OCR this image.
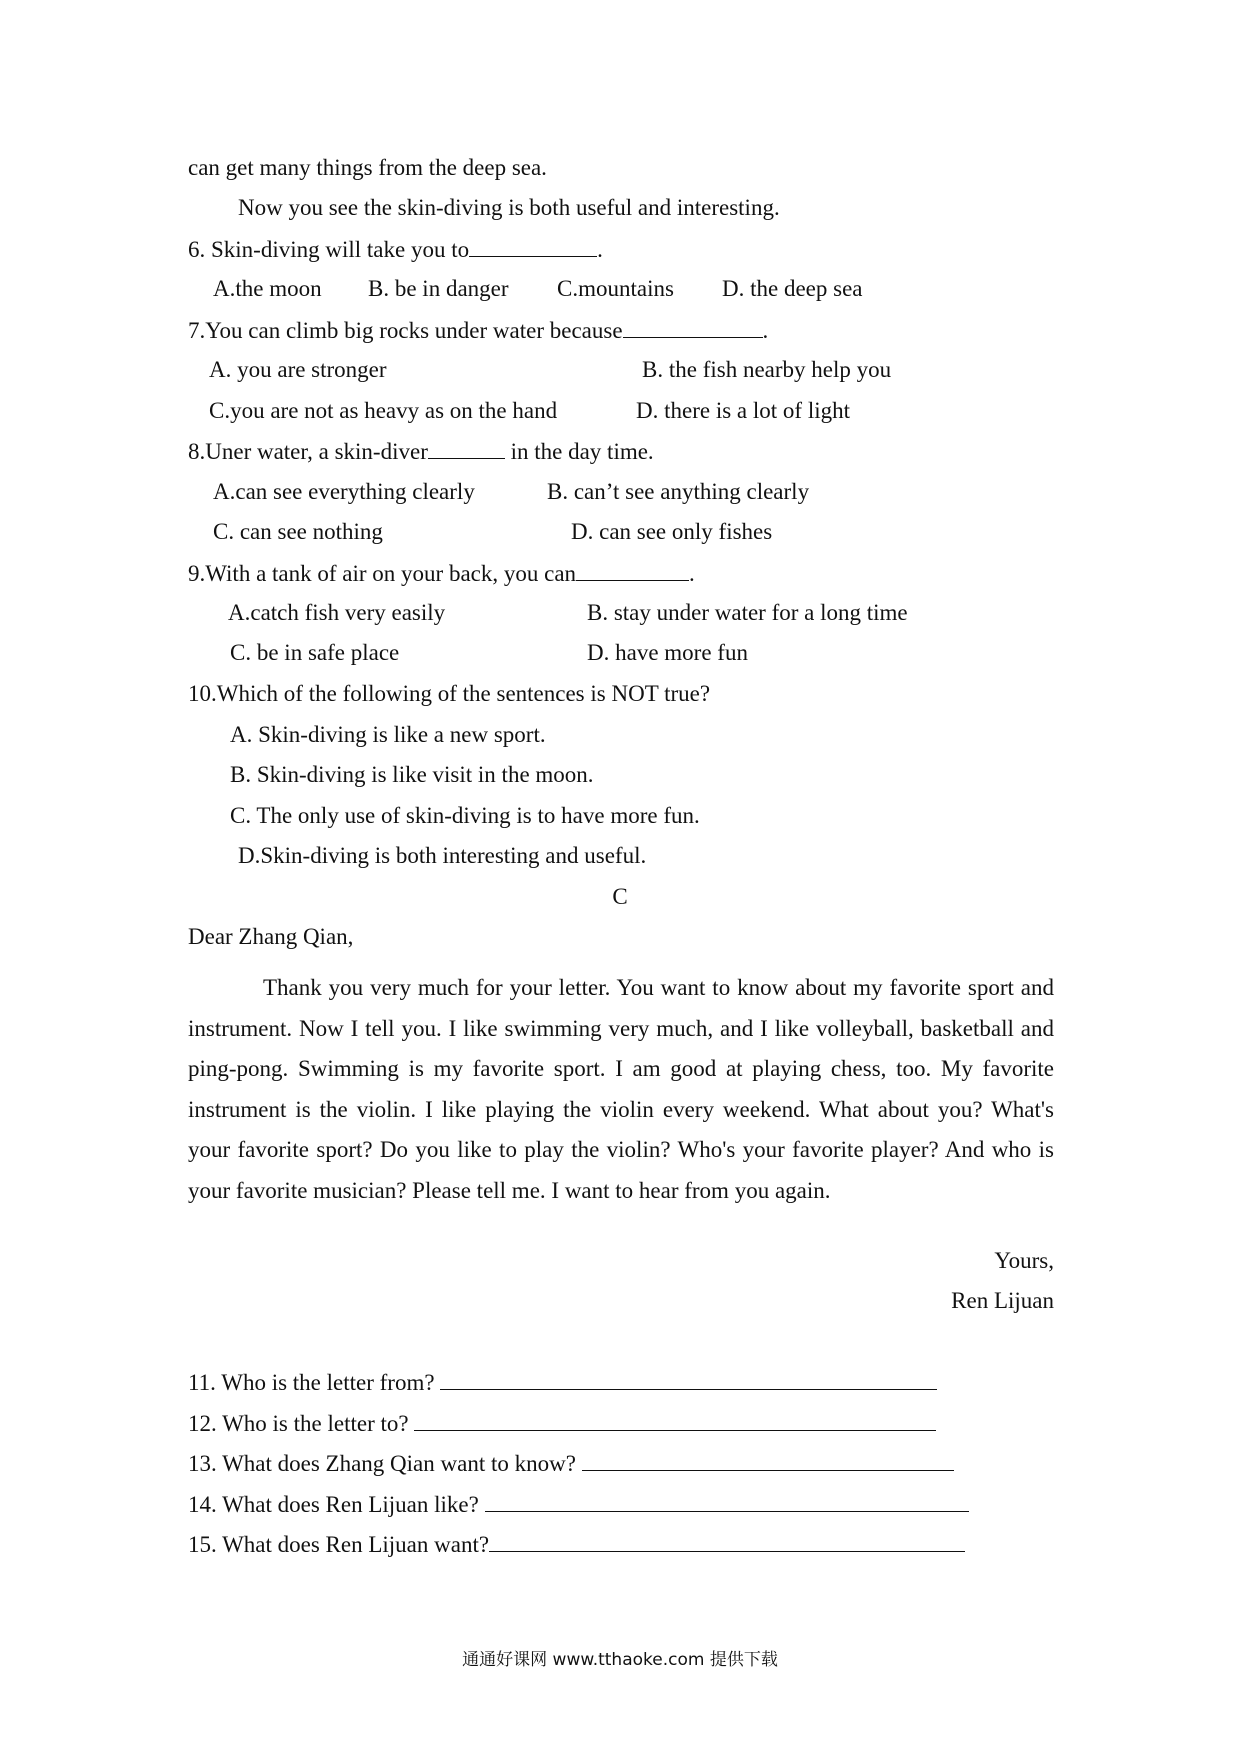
can get many things from the deep sea.
Now you see the skin-diving is both useful and interesting.
6. Skin-diving will take you to	.
A.the moon B. be in danger C.mountains D. the deep sea
7.You can climb big rocks under water because	.
A. you are stronger	B. the fish nearby help you
C.you are not as heavy as on the hand	D. there is a lot of light
8.Uner water, a skin-diver	in the day time.
A.can see everything clearly	B. can’t see anything clearly
C. can see nothing	D. can see only fishes
9.With a tank of air on your back, you can	.
A.catch fish very easily	B. stay under water for a long time
C. be in safe place	D. have more fun
10.Which of the following of the sentences is NOT true?
A. Skin-diving is like a new sport.
B. Skin-diving is like visit in the moon.
C. The only use of skin-diving is to have more fun.
D.Skin-diving is both interesting and useful.
C
Dear Zhang Qian,

Thank you very much for your letter. You want to know about my favorite sport and instrument. Now I tell you. I like swimming very much, and I like volleyball, basketball and ping-pong. Swimming is my favorite sport. I am good at playing chess, too. My favorite instrument is the violin. I like playing the violin every weekend. What about you? What's your favorite sport? Do you like to play the violin? Who's your favorite player? And who is your favorite musician? Please tell me. I want to hear from you again.

Yours,
Ren Lijuan
11. Who is the letter from?
12. Who is the letter to?
13. What does Zhang Qian want to know?
14. What does Ren Lijuan like?
15. What does Ren Lijuan want?
通通好课网 www.tthaoke.com 提供下载
